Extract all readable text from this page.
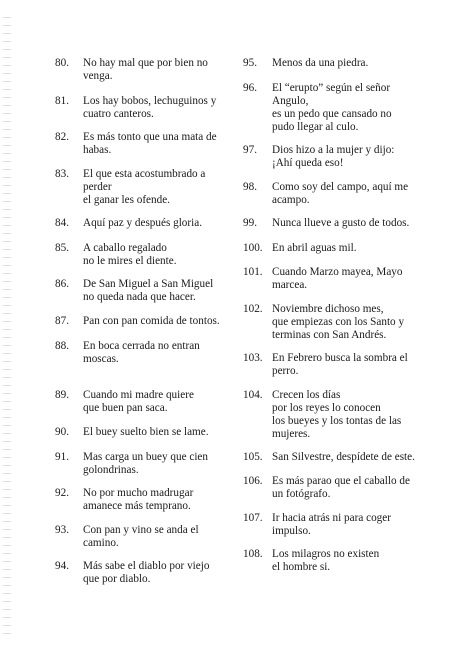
80. No hay mal que por bien no
venga.
81. Los hay bobos, lechuguinos y
cuatro canteros.
82. Es más tonto que una mata de
habas.
83. El que esta acostumbrado a
perder
el ganar les ofende.
84. Aquí paz y después gloria.
85. A caballo regalado
no le mires el diente.
86. De San Miguel a San Miguel
no queda nada que hacer.
87. Pan con pan comida de tontos.
88. En boca cerrada no entran
moscas.
89. Cuando mi madre quiere
que buen pan saca.
90. El buey suelto bien se lame.
91. Mas carga un buey que cien
golondrinas.
92. No por mucho madrugar
amanece más temprano.
93. Con pan y vino se anda el
camino.
94. Más sabe el diablo por viejo
que por diablo.
95. Menos da una piedra.
96. El “erupto” según el señor
Angulo,
es un pedo que cansado no
pudo llegar al culo.
97. Dios hizo a la mujer y dijo:
¡Ahí queda eso!
98. Como soy del campo, aquí me
acampo.
99. Nunca llueve a gusto de todos.
100. En abril aguas mil.
101. Cuando Marzo mayea, Mayo
marcea.
102. Noviembre dichoso mes,
que empiezas con los Santo y
terminas con San Andrés.
103. En Febrero busca la sombra el
perro.
104. Crecen los días
por los reyes lo conocen
los bueyes y los tontas de las
mujeres.
105. San Silvestre, despídete de este.
106. Es más parao que el caballo de
un fotógrafo.
107. Ir hacia atrás ni para coger
impulso.
108. Los milagros no existen
el hombre si.
